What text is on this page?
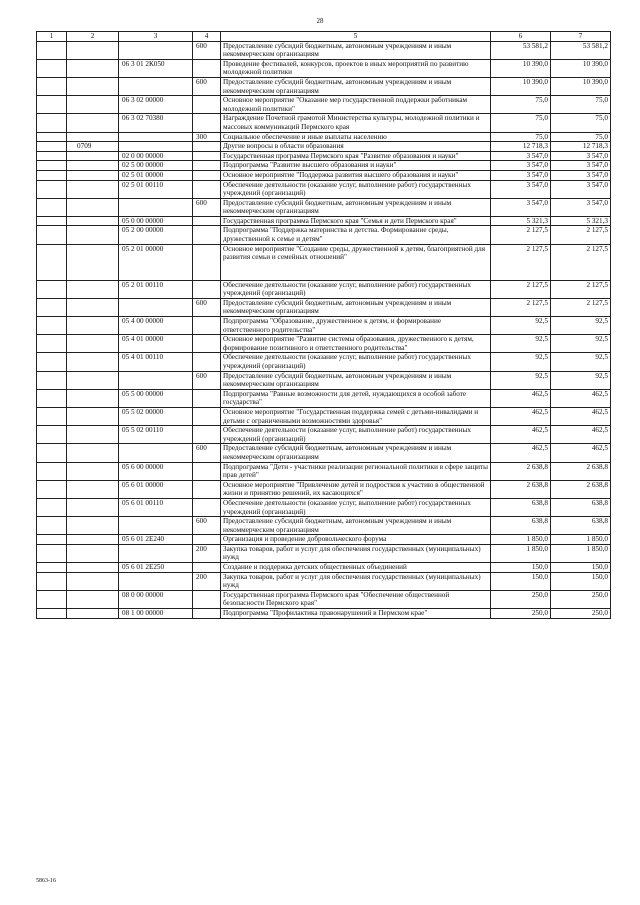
28
1	2	3	4	5	6	7
			600	Предоставление субсидий бюджетным, автономным учреждениям и иным некоммерческим организациям	53 581,2	53 581,2
		06 3 01 2К050		Проведение фестивалей, конкурсов, проектов в иных мероприятий по развитию молодежной политики	10 390,0	10 390,0
			600	Предоставление субсидий бюджетным, автономным учреждениям и иным некоммерческим организациям	10 390,0	10 390,0
		06 3 02 00000		Основное мероприятие "Оказание мер государственной поддержки работникам молодежной политики"	75,0	75,0
		06 3 02 70380		Награждение Почетной грамотой Министерства культуры, молодежной политики и массовых коммуникаций Пермского края	75,0	75,0
			300	Социальное обеспечение и иные выплаты населению	75,0	75,0
	0709			Другие вопросы в области образования	12 718,3	12 718,3
		02 0 00 00000		Государственная программа Пермского края "Развитие образования и науки"	3 547,0	3 547,0
		02 5 00 00000		Подпрограмма "Развитие высшего образования и науки"	3 547,0	3 547,0
		02 5 01 00000		Основное мероприятие "Поддержка развития высшего образования и науки"	3 547,0	3 547,0
		02 5 01 00110		Обеспечение деятельности (оказание услуг, выполнение работ) государственных учреждений (организаций)	3 547,0	3 547,0
			600	Предоставление субсидий бюджетным, автономным учреждениям и иным некоммерческим организациям	3 547,0	3 547,0
		05 0 00 00000		Государственная программа Пермского края "Семья и дети Пермского края"	5 321,3	5 321,3
		05 2 00 00000		Подпрограмма "Поддержка материнства и детства. Формирование среды, дружественной к семье и детям"	2 127,5	2 127,5
		05 2 01 00000		Основное мероприятие "Создание среды, дружественной к детям, благоприятной для развития семьи и семейных отношений"	2 127,5	2 127,5
		05 2 01 00110		Обеспечение деятельности (оказание услуг, выполнение работ) государственных учреждений (организаций)	2 127,5	2 127,5
			600	Предоставление субсидий бюджетным, автономным учреждениям и иным некоммерческим организациям	2 127,5	2 127,5
		05 4 00 00000		Подпрограмма "Образование, дружественное к детям, и формирование ответственного родительства"	92,5	92,5
		05 4 01 00000		Основное мероприятие "Развитие системы образования, дружественного к детям, формирование позитивного и ответственного родительства"	92,5	92,5
		05 4 01 00110		Обеспечение деятельности (оказание услуг, выполнение работ) государственных учреждений (организаций)	92,5	92,5
			600	Предоставление субсидий бюджетным, автономным учреждениям и иным некоммерческим организациям	92,5	92,5
		05 5 00 00000		Подпрограмма "Равные возможности для детей, нуждающихся в особой заботе государства"	462,5	462,5
		05 5 02 00000		Основное мероприятие "Государственная поддержка семей с детьми-инвалидами и детьми с ограниченными возможностями здоровья"	462,5	462,5
		05 5 02 00110		Обеспечение деятельности (оказание услуг, выполнение работ) государственных учреждений (организаций)	462,5	462,5
			600	Предоставление субсидий бюджетным, автономным учреждениям и иным некоммерческим организациям	462,5	462,5
		05 6 00 00000		Подпрограмма "Дети - участники реализации региональной политики в сфере защиты прав детей"	2 638,8	2 638,8
		05 6 01 00000		Основное мероприятие "Привлечение детей и подростков к участию в общественной жизни и принятию решений, их касающихся"	2 638,8	2 638,8
		05 6 01 00110		Обеспечение деятельности (оказание услуг, выполнение работ) государственных учреждений (организаций)	638,8	638,8
			600	Предоставление субсидий бюджетным, автономным учреждениям и иным некоммерческим организациям	638,8	638,8
		05 6 01 2Е240		Организация и проведение добровольческого форума	1 850,0	1 850,0
			200	Закупка товаров, работ и услуг для обеспечения государственных (муниципальных) нужд	1 850,0	1 850,0
		05 6 01 2Е250		Создание и поддержка детских общественных объединений	150,0	150,0
			200	Закупка товаров, работ и услуг для обеспечения государственных (муниципальных) нужд	150,0	150,0
		08 0 00 00000		Государственная программа Пермского края "Обеспечение общественной безопасности Пермского края"	250,0	250,0
		08 1 00 00000		Подпрограмма "Профилактика правонарушений в Пермском крае"	250,0	250,0
5863-16
